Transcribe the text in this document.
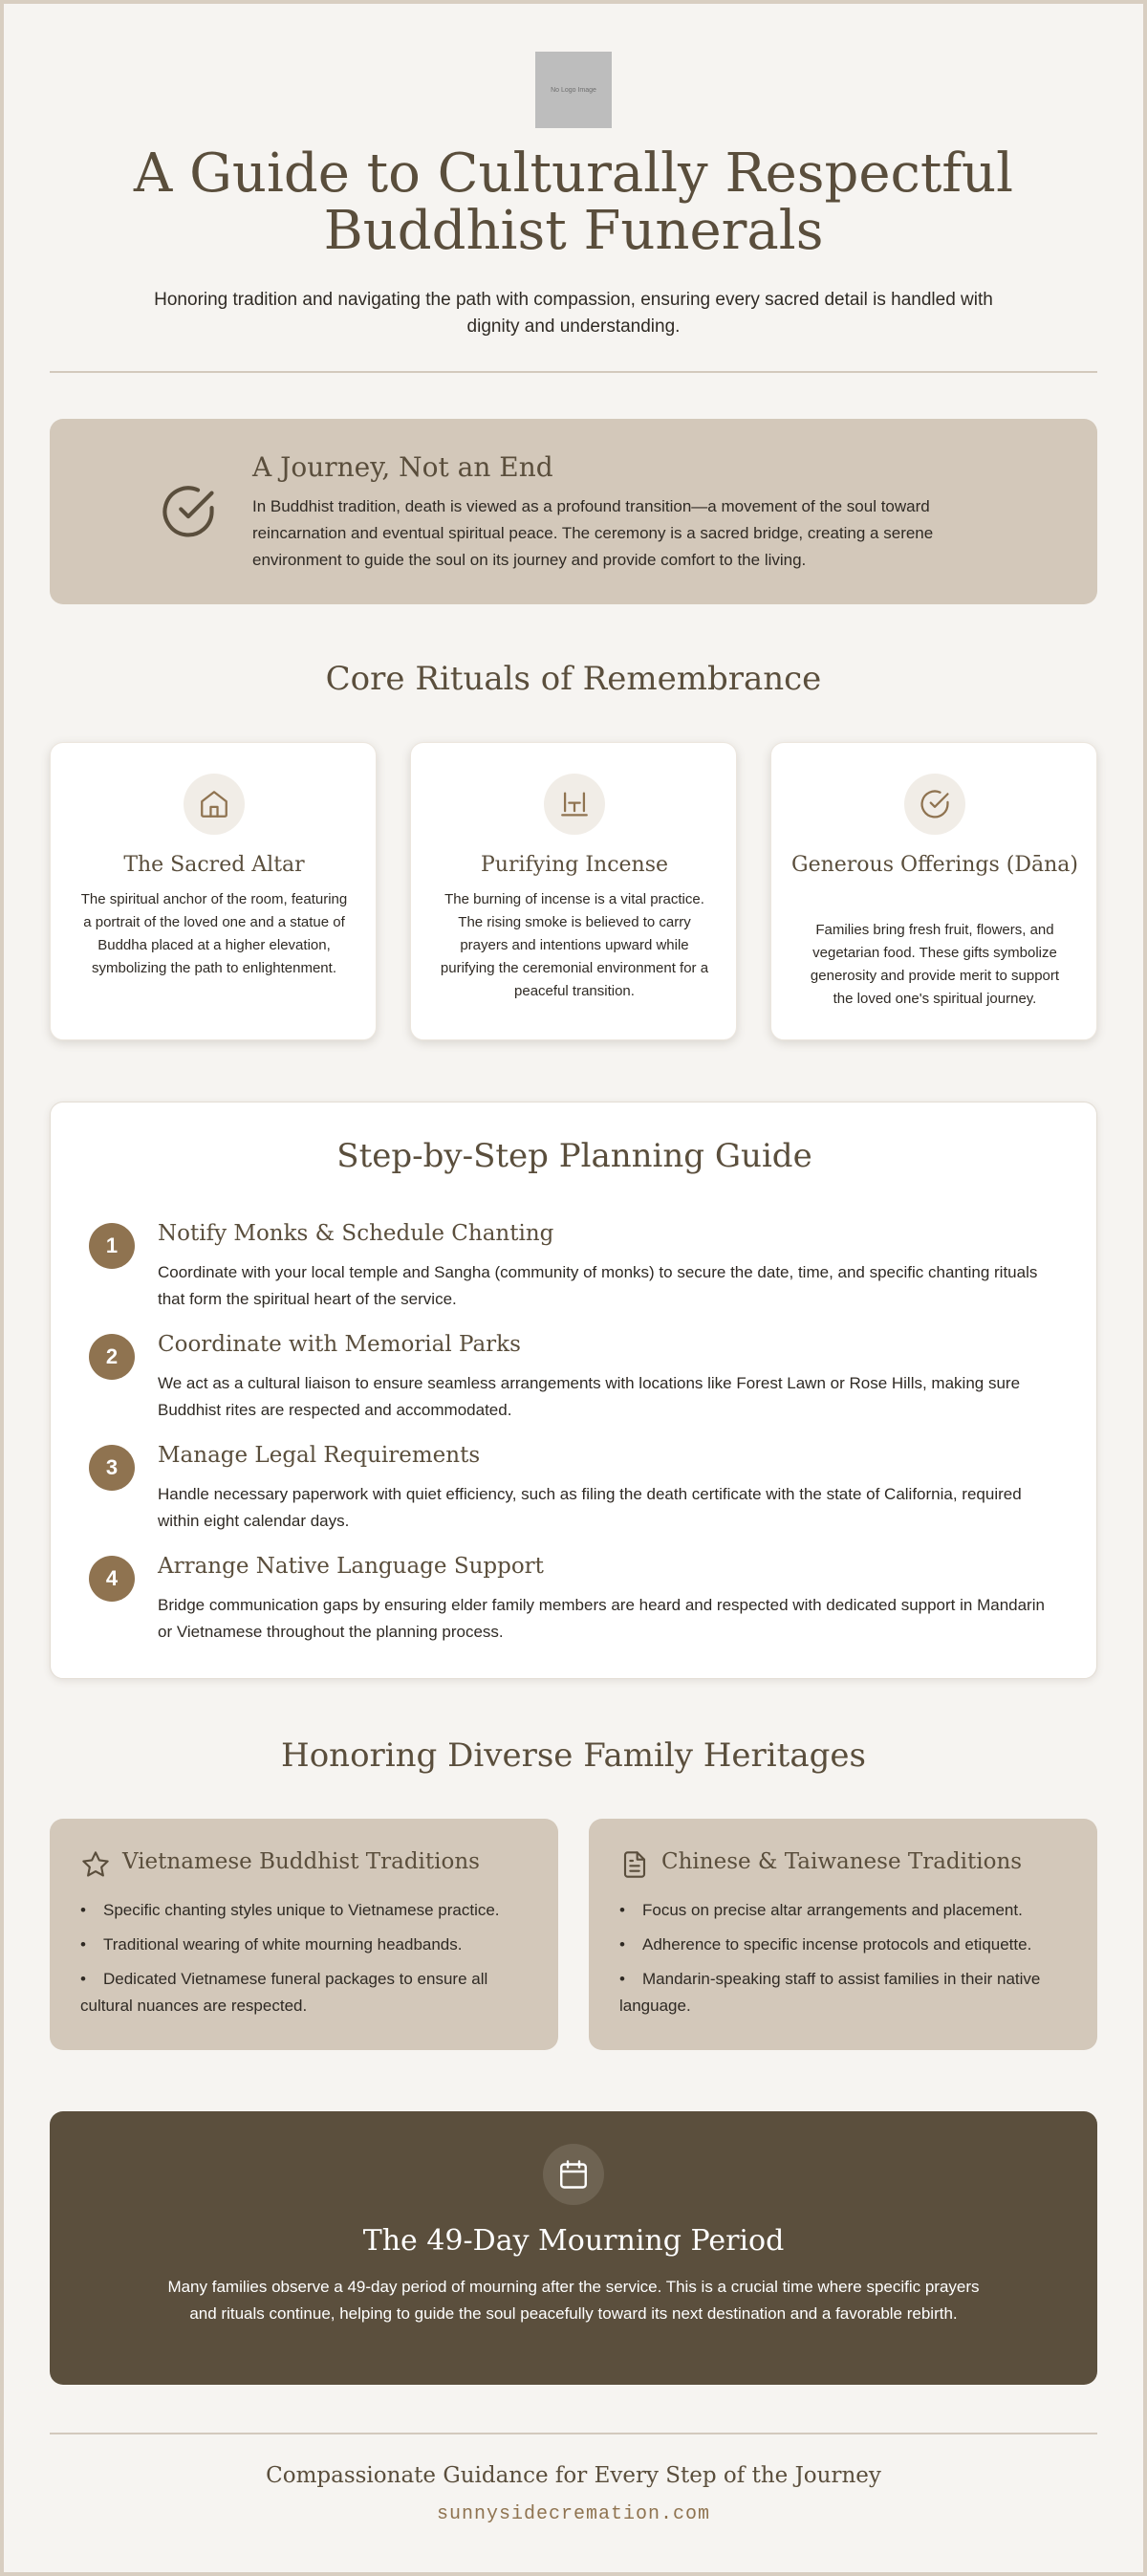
No Logo Image
A Guide to Culturally Respectful
Buddhist Funerals
Honoring tradition and navigating the path with compassion, ensuring every sacred detail is handled with dignity and understanding.
A Journey, Not an End

In Buddhist tradition, death is viewed as a profound transition—a movement of the soul toward reincarnation and eventual spiritual peace. The ceremony is a sacred bridge, creating a serene environment to guide the soul on its journey and provide comfort to the living.

Core Rituals of Remembrance
The Sacred Altar

The spiritual anchor of the room, featuring a portrait of the loved one and a statue of Buddha placed at a higher elevation, symbolizing the path to enlightenment.

Purifying Incense

The burning of incense is a vital practice. The rising smoke is believed to carry prayers and intentions upward while purifying the ceremonial environment for a peaceful transition.

Generous Offerings (Dāna)

Families bring fresh fruit, flowers, and vegetarian food. These gifts symbolize generosity and provide merit to support the loved one's spiritual journey.

Step-by-Step Planning Guide
1	Notify Monks & Schedule Chanting

Coordinate with your local temple and Sangha (community of monks) to secure the date, time, and specific chanting rituals that form the spiritual heart of the service.

2	Coordinate with Memorial Parks

We act as a cultural liaison to ensure seamless arrangements with locations like Forest Lawn or Rose Hills, making sure Buddhist rites are respected and accommodated.

3	Manage Legal Requirements

Handle necessary paperwork with quiet efficiency, such as filing the death certificate with the state of California, required within eight calendar days.

4	Arrange Native Language Support

Bridge communication gaps by ensuring elder family members are heard and respected with dedicated support in Mandarin or Vietnamese throughout the planning process.

Honoring Diverse Family Heritages
Vietnamese Buddhist Traditions
• Specific chanting styles unique to Vietnamese practice.
• Traditional wearing of white mourning headbands.
• Dedicated Vietnamese funeral packages to ensure all cultural nuances are respected.
Chinese & Taiwanese Traditions
• Focus on precise altar arrangements and placement.
• Adherence to specific incense protocols and etiquette.
• Mandarin-speaking staff to assist families in their native language.
The 49-Day Mourning Period

Many families observe a 49-day period of mourning after the service. This is a crucial time where specific prayers and rituals continue, helping to guide the soul peacefully toward its next destination and a favorable rebirth.

Compassionate Guidance for Every Step of the Journey
sunnysidecremation.com
